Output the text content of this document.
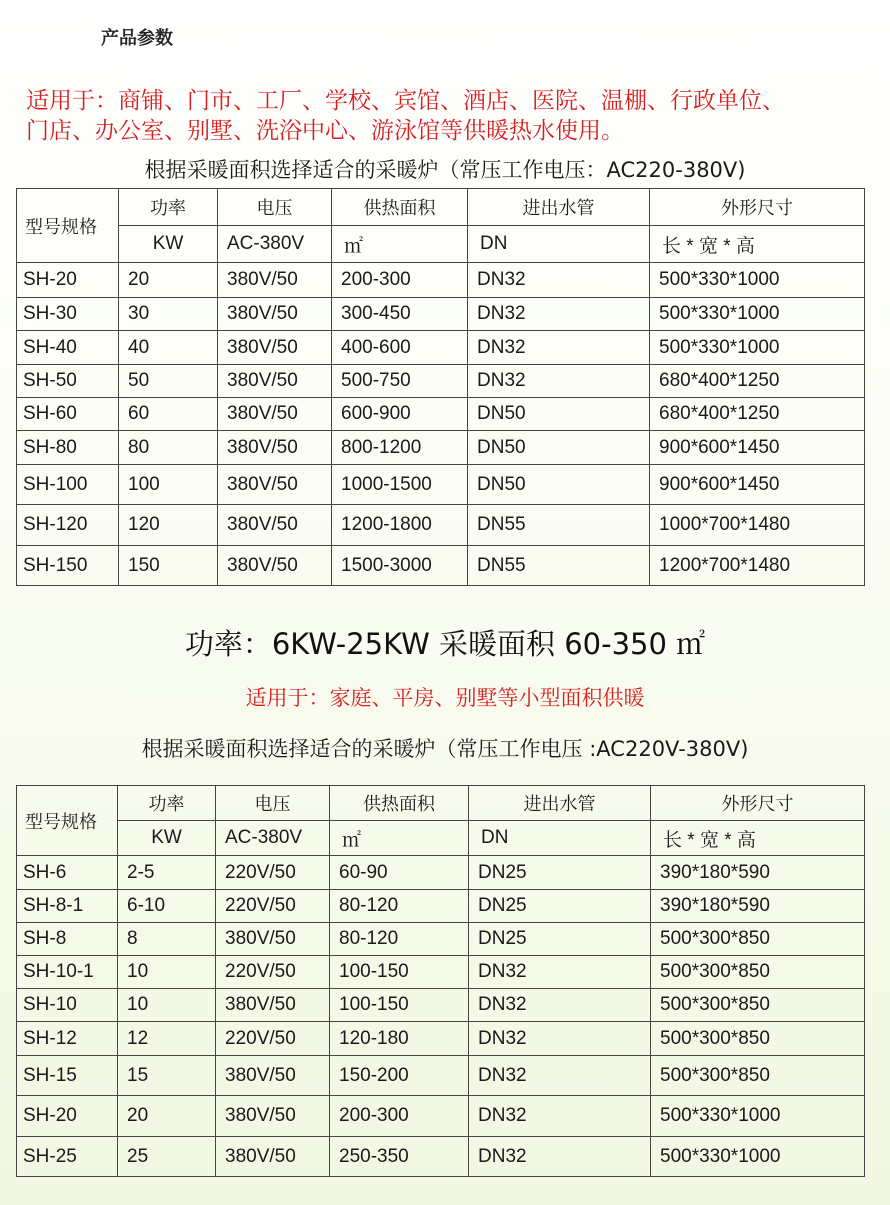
产品参数
适用于：商铺、门市、工厂、学校、宾馆、酒店、医院、温棚、行政单位、
门店、办公室、别墅、洗浴中心、游泳馆等供暖热水使用。
根据采暖面积选择适合的采暖炉（常压工作电压：AC220-380V)
型号规格	功率	电压	供热面积	进出水管	外形尺寸
	KW	AC-380V	㎡	DN	长 * 宽 * 高
SH-20	20	380V/50	200-300	DN32	500*330*1000
SH-30	30	380V/50	300-450	DN32	500*330*1000
SH-40	40	380V/50	400-600	DN32	500*330*1000
SH-50	50	380V/50	500-750	DN32	680*400*1250
SH-60	60	380V/50	600-900	DN50	680*400*1250
SH-80	80	380V/50	800-1200	DN50	900*600*1450
SH-100	100	380V/50	1000-1500	DN50	900*600*1450
SH-120	120	380V/50	1200-1800	DN55	1000*700*1480
SH-150	150	380V/50	1500-3000	DN55	1200*700*1480
功率：6KW-25KW 采暖面积 60-350 ㎡
适用于：家庭、平房、别墅等小型面积供暖
根据采暖面积选择适合的采暖炉（常压工作电压 :AC220V-380V)
型号规格	功率	电压	供热面积	进出水管	外形尺寸
	KW	AC-380V	㎡	DN	长 * 宽 * 高
SH-6	2-5	220V/50	60-90	DN25	390*180*590
SH-8-1	6-10	220V/50	80-120	DN25	390*180*590
SH-8	8	380V/50	80-120	DN25	500*300*850
SH-10-1	10	220V/50	100-150	DN32	500*300*850
SH-10	10	380V/50	100-150	DN32	500*300*850
SH-12	12	220V/50	120-180	DN32	500*300*850
SH-15	15	380V/50	150-200	DN32	500*300*850
SH-20	20	380V/50	200-300	DN32	500*330*1000
SH-25	25	380V/50	250-350	DN32	500*330*1000
